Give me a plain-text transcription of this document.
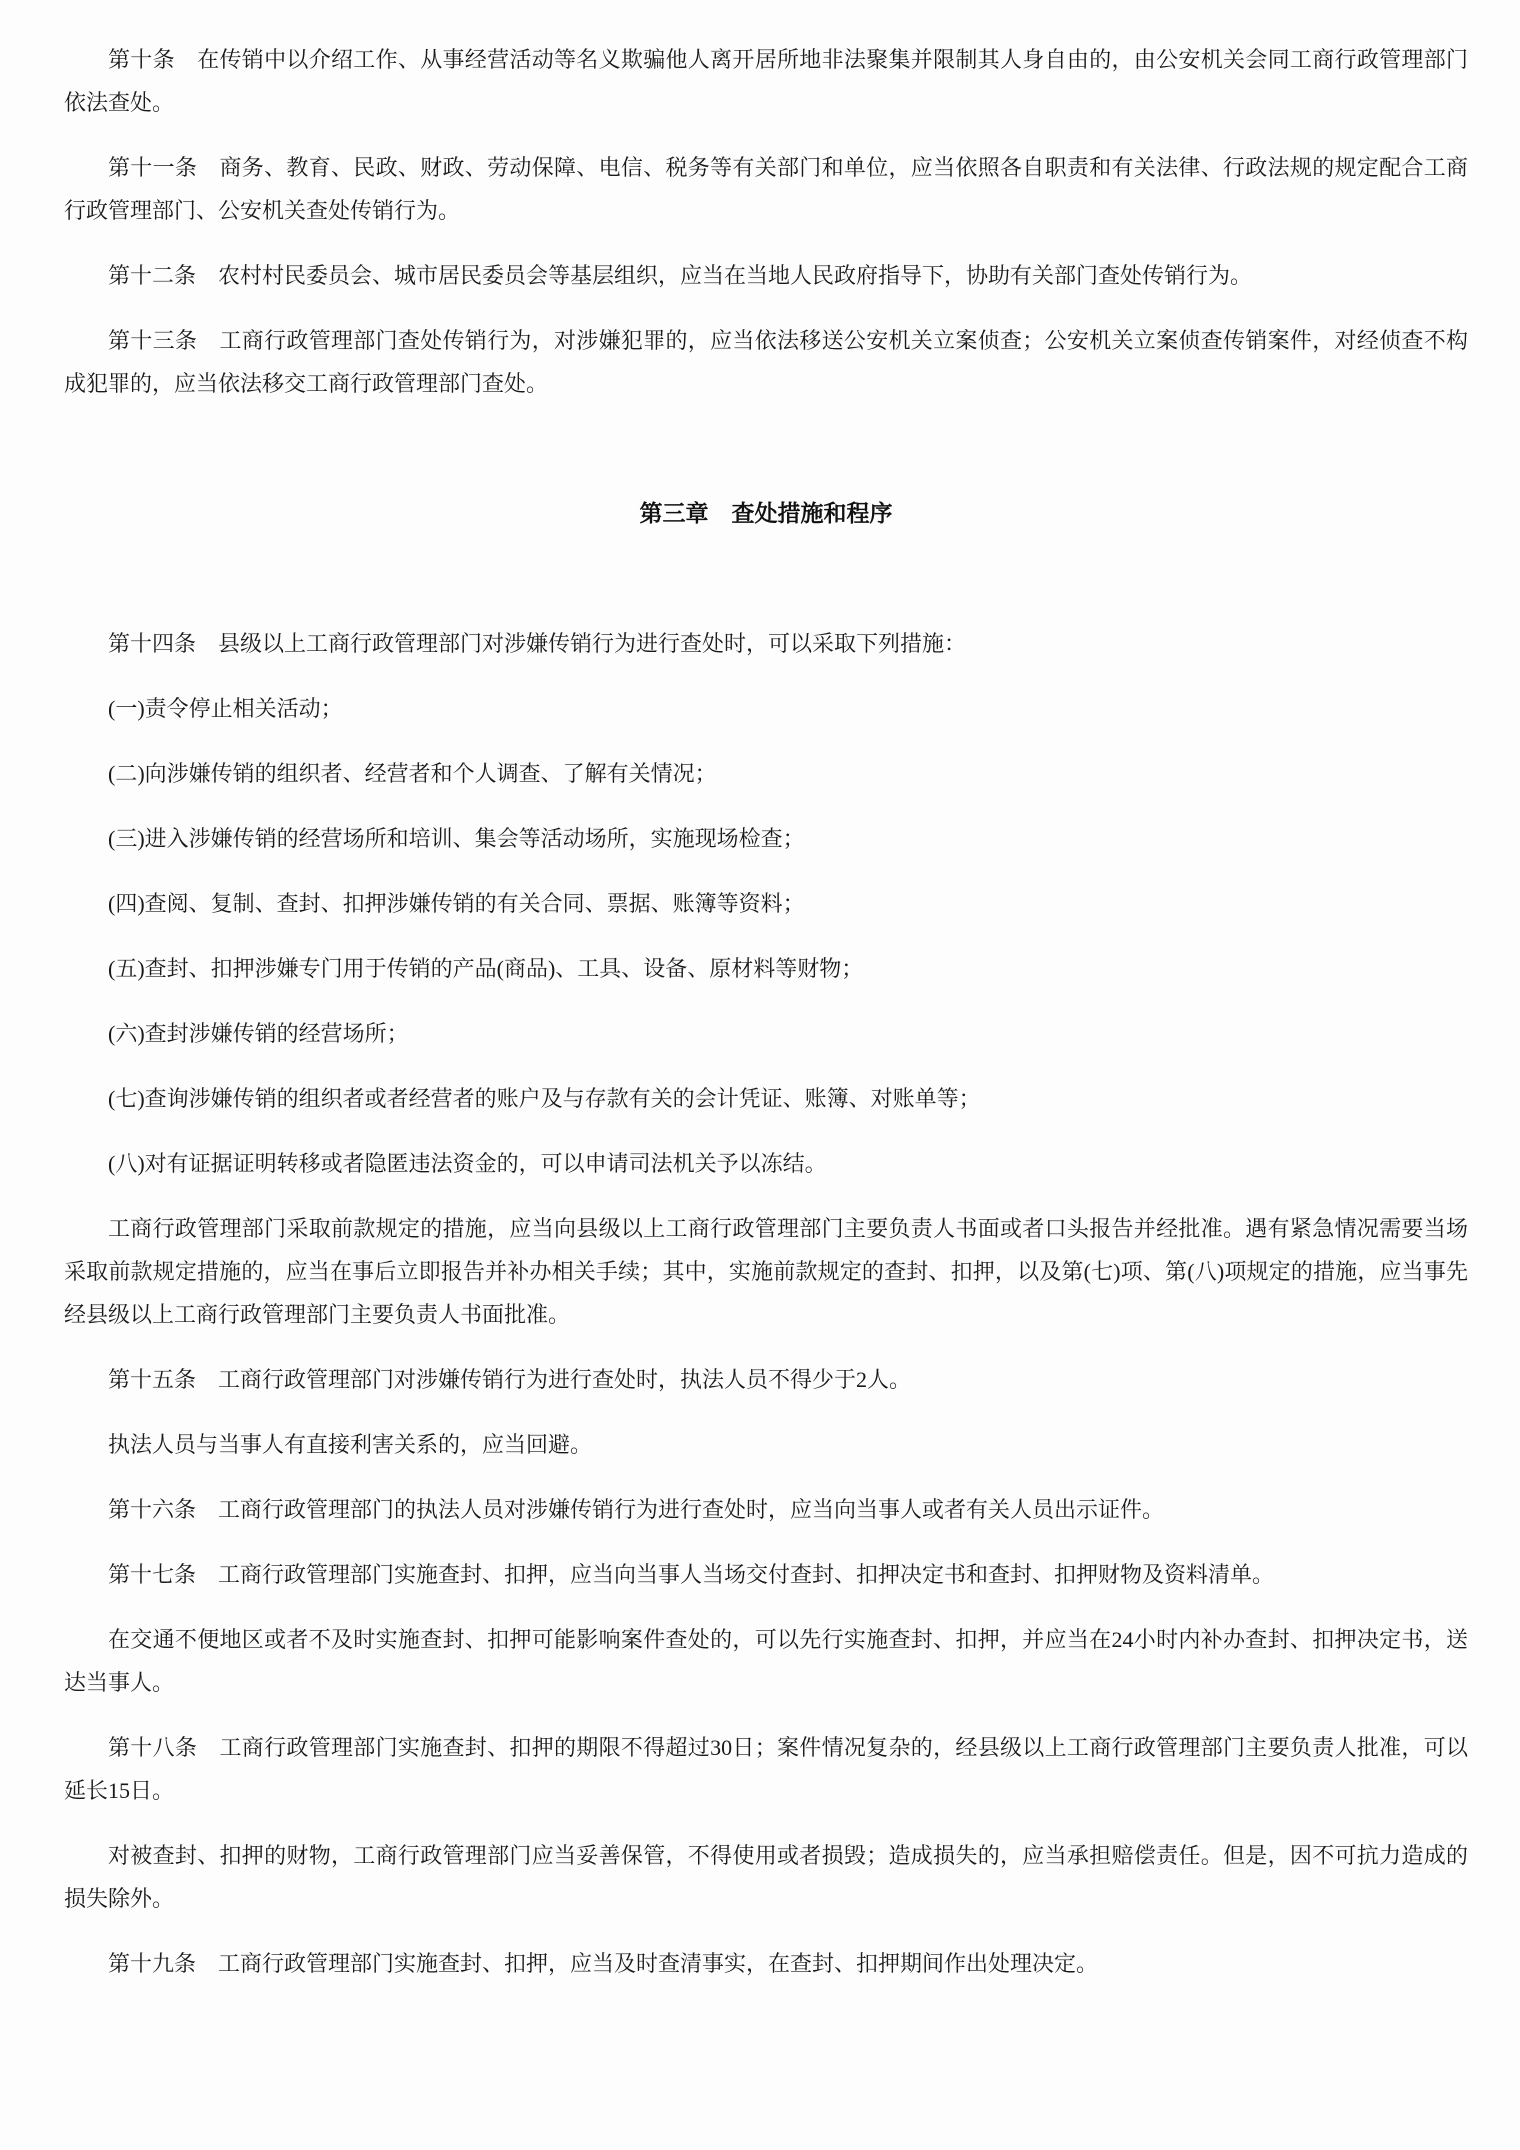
第十条　在传销中以介绍工作、从事经营活动等名义欺骗他人离开居所地非法聚集并限制其人身自由的，由公安机关会同工商行政管理部门依法查处。

第十一条　商务、教育、民政、财政、劳动保障、电信、税务等有关部门和单位，应当依照各自职责和有关法律、行政法规的规定配合工商行政管理部门、公安机关查处传销行为。

第十二条　农村村民委员会、城市居民委员会等基层组织，应当在当地人民政府指导下，协助有关部门查处传销行为。

第十三条　工商行政管理部门查处传销行为，对涉嫌犯罪的，应当依法移送公安机关立案侦查；公安机关立案侦查传销案件，对经侦查不构成犯罪的，应当依法移交工商行政管理部门查处。

第三章　查处措施和程序

第十四条　县级以上工商行政管理部门对涉嫌传销行为进行查处时，可以采取下列措施：

(一)责令停止相关活动；

(二)向涉嫌传销的组织者、经营者和个人调查、了解有关情况；

(三)进入涉嫌传销的经营场所和培训、集会等活动场所，实施现场检查；

(四)查阅、复制、查封、扣押涉嫌传销的有关合同、票据、账簿等资料；

(五)查封、扣押涉嫌专门用于传销的产品(商品)、工具、设备、原材料等财物；

(六)查封涉嫌传销的经营场所；

(七)查询涉嫌传销的组织者或者经营者的账户及与存款有关的会计凭证、账簿、对账单等；

(八)对有证据证明转移或者隐匿违法资金的，可以申请司法机关予以冻结。

工商行政管理部门采取前款规定的措施，应当向县级以上工商行政管理部门主要负责人书面或者口头报告并经批准。遇有紧急情况需要当场采取前款规定措施的，应当在事后立即报告并补办相关手续；其中，实施前款规定的查封、扣押，以及第(七)项、第(八)项规定的措施，应当事先经县级以上工商行政管理部门主要负责人书面批准。

第十五条　工商行政管理部门对涉嫌传销行为进行查处时，执法人员不得少于2人。

执法人员与当事人有直接利害关系的，应当回避。

第十六条　工商行政管理部门的执法人员对涉嫌传销行为进行查处时，应当向当事人或者有关人员出示证件。

第十七条　工商行政管理部门实施查封、扣押，应当向当事人当场交付查封、扣押决定书和查封、扣押财物及资料清单。

在交通不便地区或者不及时实施查封、扣押可能影响案件查处的，可以先行实施查封、扣押，并应当在24小时内补办查封、扣押决定书，送达当事人。

第十八条　工商行政管理部门实施查封、扣押的期限不得超过30日；案件情况复杂的，经县级以上工商行政管理部门主要负责人批准，可以延长15日。

对被查封、扣押的财物，工商行政管理部门应当妥善保管，不得使用或者损毁；造成损失的，应当承担赔偿责任。但是，因不可抗力造成的损失除外。

第十九条　工商行政管理部门实施查封、扣押，应当及时查清事实，在查封、扣押期间作出处理决定。
